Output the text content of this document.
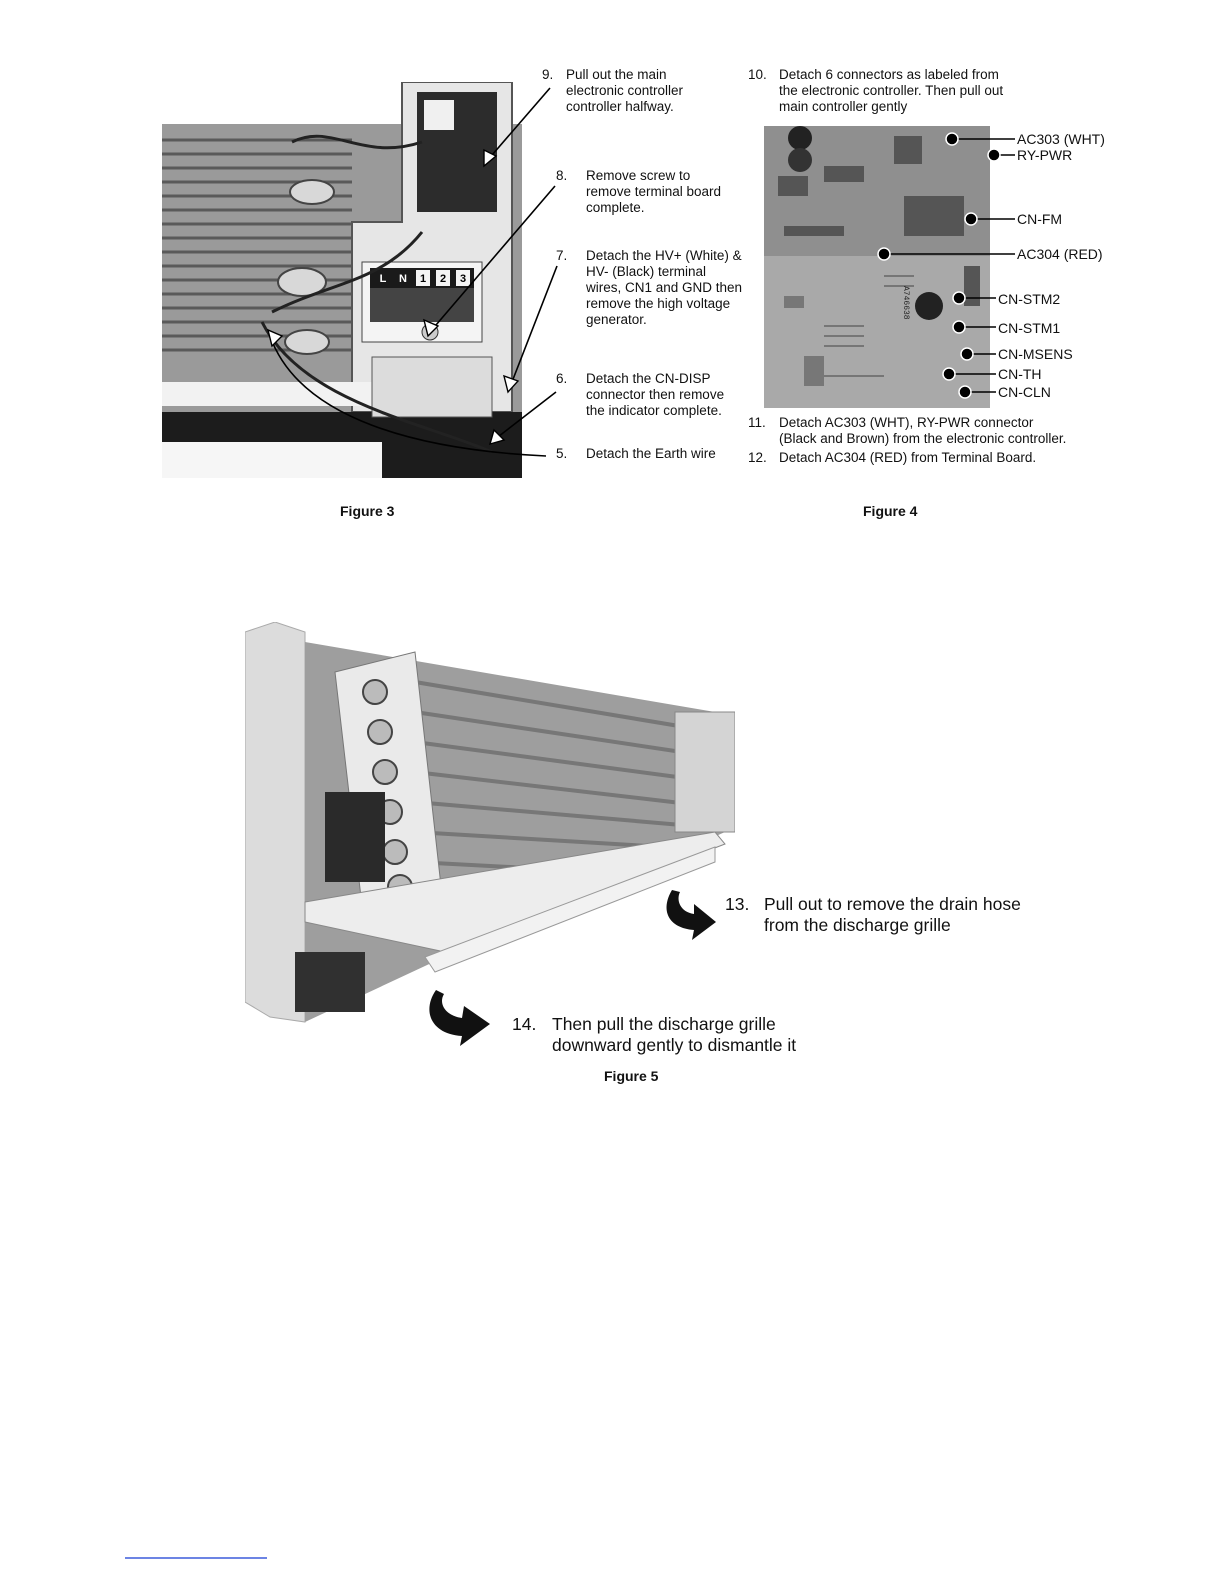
L N 1 2 3
A746638
9. Pull out the main
electronic controller
controller halfway.
8. Remove screw to
remove terminal board
complete.
7. Detach the HV+ (White) &
HV- (Black) terminal
wires, CN1 and GND then
remove the high voltage
generator.
6. Detach the CN-DISP
connector then remove
the indicator complete.
5. Detach the Earth wire
Figure 3
10. Detach 6 connectors as labeled from
the electronic controller. Then pull out
main controller gently
AC303 (WHT)
RY-PWR
CN-FM
AC304 (RED)
CN-STM2
CN-STM1
CN-MSENS
CN-TH
CN-CLN
11. Detach AC303 (WHT), RY-PWR connector
(Black and Brown) from the electronic controller.
12. Detach AC304 (RED) from Terminal Board.
Figure 4
13. Pull out to remove the drain hose
from the discharge grille
14. Then pull the discharge grille
downward gently to dismantle it
Figure 5
